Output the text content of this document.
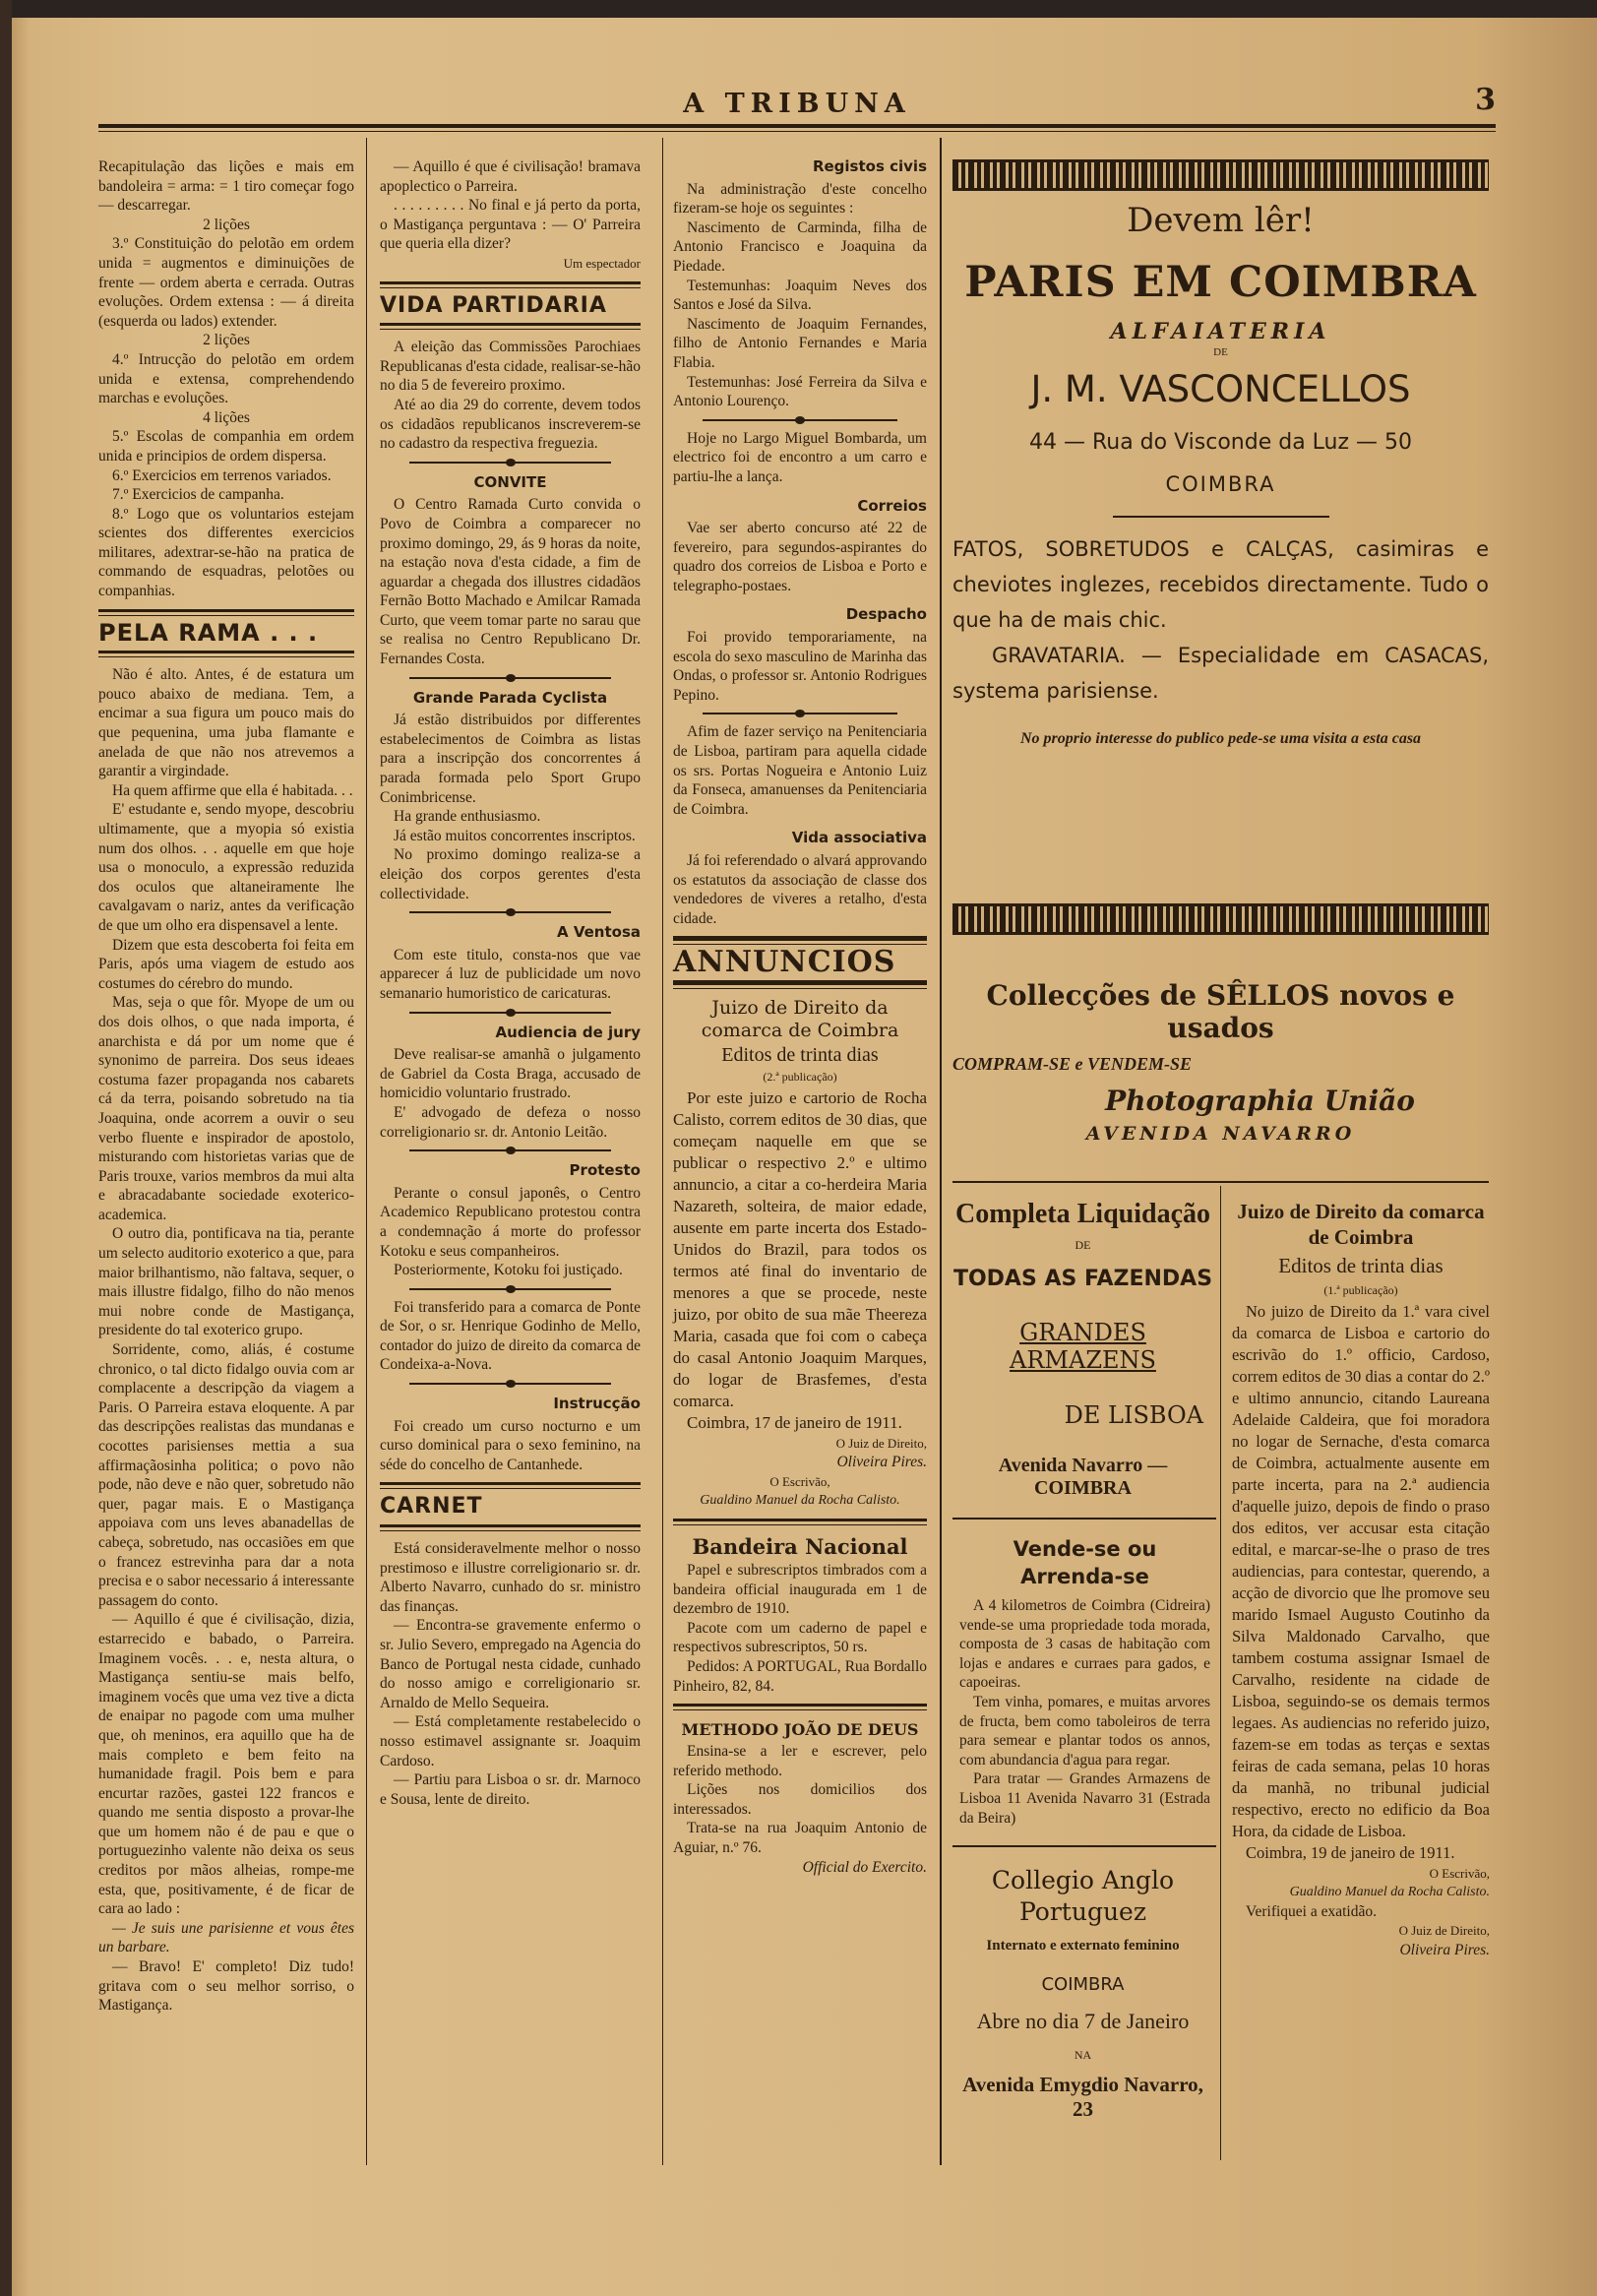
A TRIBUNA	3

Recapitulação das lições e mais em bandoleira = arma: = 1 tiro começar fogo — descarregar.

2 lições

3.º Constituição do pelotão em ordem unida = augmentos e diminuições de frente — ordem aberta e cerrada. Outras evoluções. Ordem extensa : — á direita (esquerda ou lados) extender.

2 lições

4.º Intrucção do pelotão em ordem unida e extensa, comprehendendo marchas e evoluções.

4 lições

5.º Escolas de companhia em ordem unida e principios de ordem dispersa.

6.º Exercicios em terrenos variados.

7.º Exercicios de campanha.

8.º Logo que os voluntarios estejam scientes dos differentes exercicios militares, adextrar-se-hão na pratica de commando de esquadras, pelotões ou companhias.

PELA RAMA . . .

Não é alto. Antes, é de estatura um pouco abaixo de mediana. Tem, a encimar a sua figura um pouco mais do que pequenina, uma juba flamante e anelada de que não nos atrevemos a garantir a virgindade.

Ha quem affirme que ella é habitada. . .

E' estudante e, sendo myope, descobriu ultimamente, que a myopia só existia num dos olhos. . . aquelle em que hoje usa o monoculo, a expressão reduzida dos oculos que altaneiramente lhe cavalgavam o nariz, antes da verificação de que um olho era dispensavel a lente.

Dizem que esta descoberta foi feita em Paris, após uma viagem de estudo aos costumes do cérebro do mundo.

Mas, seja o que fôr. Myope de um ou dos dois olhos, o que nada importa, é anarchista e dá por um nome que é synonimo de parreira. Dos seus ideaes costuma fazer propaganda nos cabarets cá da terra, poisando sobretudo na tia Joaquina, onde acorrem a ouvir o seu verbo fluente e inspirador de apostolo, misturando com historietas varias que de Paris trouxe, varios membros da mui alta e abracadabante sociedade exoterico-academica.

O outro dia, pontificava na tia, perante um selecto auditorio exoterico a que, para maior brilhantismo, não faltava, sequer, o mais illustre fidalgo, filho do não menos mui nobre conde de Mastigança, presidente do tal exoterico grupo.

Sorridente, como, aliás, é costume chronico, o tal dicto fidalgo ouvia com ar complacente a descripção da viagem a Paris. O Parreira estava eloquente. A par das descripções realistas das mundanas e cocottes parisienses mettia a sua affirmaçãosinha politica; o povo não pode, não deve e não quer, sobretudo não quer, pagar mais. E o Mastigança appoiava com uns leves abanadellas de cabeça, sobretudo, nas occasiões em que o francez estrevinha para dar a nota precisa e o sabor necessario á interessante passagem do conto.

— Aquillo é que é civilisação, dizia, estarrecido e babado, o Parreira. Imaginem vocês. . . e, nesta altura, o Mastigança sentiu-se mais belfo, imaginem vocês que uma vez tive a dicta de enaipar no pagode com uma mulher que, oh meninos, era aquillo que ha de mais completo e bem feito na humanidade fragil. Pois bem e para encurtar razões, gastei 122 francos e quando me sentia disposto a provar-lhe que um homem não é de pau e que o portuguezinho valente não deixa os seus creditos por mãos alheias, rompe-me esta, que, positivamente, é de ficar de cara ao lado :

— Je suis une parisienne et vous êtes un barbare.

— Bravo! E' completo! Diz tudo! gritava com o seu melhor sorriso, o Mastigança.

— Aquillo é que é civilisação! bramava apoplectico o Parreira.

. . . . . . . . . No final e já perto da porta, o Mastigança perguntava : — O' Parreira que queria ella dizer?

Um espectador

VIDA PARTIDARIA

A eleição das Commissões Parochiaes Republicanas d'esta cidade, realisar-se-hão no dia 5 de fevereiro proximo.

Até ao dia 29 do corrente, devem todos os cidadãos republicanos inscreverem-se no cadastro da respectiva freguezia.

CONVITE

O Centro Ramada Curto convida o Povo de Coimbra a comparecer no proximo domingo, 29, ás 9 horas da noite, na estação nova d'esta cidade, a fim de aguardar a chegada dos illustres cidadãos Fernão Botto Machado e Amilcar Ramada Curto, que veem tomar parte no sarau que se realisa no Centro Republicano Dr. Fernandes Costa.

Grande Parada Cyclista

Já estão distribuidos por differentes estabelecimentos de Coimbra as listas para a inscripção dos concorrentes á parada formada pelo Sport Grupo Conimbricense.

Ha grande enthusiasmo.

Já estão muitos concorrentes inscriptos.

No proximo domingo realiza-se a eleição dos corpos gerentes d'esta collectividade.

A Ventosa

Com este titulo, consta-nos que vae apparecer á luz de publicidade um novo semanario humoristico de caricaturas.

Audiencia de jury

Deve realisar-se amanhã o julgamento de Gabriel da Costa Braga, accusado de homicidio voluntario frustrado.

E' advogado de defeza o nosso correligionario sr. dr. Antonio Leitão.

Protesto

Perante o consul japonês, o Centro Academico Republicano protestou contra a condemnação á morte do professor Kotoku e seus companheiros.

Posteriormente, Kotoku foi justiçado.

Foi transferido para a comarca de Ponte de Sor, o sr. Henrique Godinho de Mello, contador do juizo de direito da comarca de Condeixa-a-Nova.

Instrucção

Foi creado um curso nocturno e um curso dominical para o sexo feminino, na séde do concelho de Cantanhede.

CARNET

Está consideravelmente melhor o nosso prestimoso e illustre correligionario sr. dr. Alberto Navarro, cunhado do sr. ministro das finanças.

— Encontra-se gravemente enfermo o sr. Julio Severo, empregado na Agencia do Banco de Portugal nesta cidade, cunhado do nosso amigo e correligionario sr. Arnaldo de Mello Sequeira.

— Está completamente restabelecido o nosso estimavel assignante sr. Joaquim Cardoso.

— Partiu para Lisboa o sr. dr. Marnoco e Sousa, lente de direito.

Registos civis

Na administração d'este concelho fizeram-se hoje os seguintes :

Nascimento de Carminda, filha de Antonio Francisco e Joaquina da Piedade.

Testemunhas: Joaquim Neves dos Santos e José da Silva.

Nascimento de Joaquim Fernandes, filho de Antonio Fernandes e Maria Flabia.

Testemunhas: José Ferreira da Silva e Antonio Lourenço.

Hoje no Largo Miguel Bombarda, um electrico foi de encontro a um carro e partiu-lhe a lança.

Correios

Vae ser aberto concurso até 22 de fevereiro, para segundos-aspirantes do quadro dos correios de Lisboa e Porto e telegrapho-postaes.

Despacho

Foi provido temporariamente, na escola do sexo masculino de Marinha das Ondas, o professor sr. Antonio Rodrigues Pepino.

Afim de fazer serviço na Penitenciaria de Lisboa, partiram para aquella cidade os srs. Portas Nogueira e Antonio Luiz da Fonseca, amanuenses da Penitenciaria de Coimbra.

Vida associativa

Já foi referendado o alvará approvando os estatutos da associação de classe dos vendedores de viveres a retalho, d'esta cidade.

ANNUNCIOS

Juizo de Direito da comarca de Coimbra

Editos de trinta dias

(2.ª publicação)

Por este juizo e cartorio de Rocha Calisto, correm editos de 30 dias, que começam naquelle em que se publicar o respectivo 2.º e ultimo annuncio, a citar a co-herdeira Maria Nazareth, solteira, de maior edade, ausente em parte incerta dos Estado-Unidos do Brazil, para todos os termos até final do inventario de menores a que se procede, neste juizo, por obito de sua mãe Theereza Maria, casada que foi com o cabeça do casal Antonio Joaquim Marques, do logar de Brasfemes, d'esta comarca.

Coimbra, 17 de janeiro de 1911.

O Juiz de Direito,

Oliveira Pires.

O Escrivão,

Gualdino Manuel da Rocha Calisto.

Bandeira Nacional

Papel e subrescriptos timbrados com a bandeira official inaugurada em 1 de dezembro de 1910.

Pacote com um caderno de papel e respectivos subrescriptos, 50 rs.

Pedidos: A PORTUGAL, Rua Bordallo Pinheiro, 82, 84.

METHODO JOÃO DE DEUS

Ensina-se a ler e escrever, pelo referido methodo.

Lições nos domicilios dos interessados.

Trata-se na rua Joaquim Antonio de Aguiar, n.º 76.

Official do Exercito.

Devem lêr!
PARIS EM COIMBRA
ALFAIATERIA
DE
J. M. VASCONCELLOS
44 — Rua do Visconde da Luz — 50
COIMBRA
FATOS, SOBRETUDOS e CALÇAS, casimiras e cheviotes inglezes, recebidos directamente. Tudo o que ha de mais chic.
GRAVATARIA. — Especialidade em CASACAS, systema parisiense.
No proprio interesse do publico pede-se uma visita a esta casa
Collecções de SÊLLOS novos e usados
COMPRAM-SE e VENDEM-SE
Photographia União
AVENIDA NAVARRO
Completa Liquidação
DE
TODAS AS FAZENDAS
GRANDES ARMAZENS
DE LISBOA
Avenida Navarro — COIMBRA

Vende-se ou Arrenda-se

A 4 kilometros de Coimbra (Cidreira) vende-se uma propriedade toda morada, composta de 3 casas de habitação com lojas e andares e curraes para gados, e capoeiras.

Tem vinha, pomares, e muitas arvores de fructa, bem como taboleiros de terra para semear e plantar todos os annos, com abundancia d'agua para regar.

Para tratar — Grandes Armazens de Lisboa 11 Avenida Navarro 31 (Estrada da Beira)

Collegio Anglo Portuguez
Internato e externato feminino
COIMBRA
Abre no dia 7 de Janeiro
NA
Avenida Emygdio Navarro, 23

Juizo de Direito da comarca de Coimbra

Editos de trinta dias

(1.ª publicação)

No juizo de Direito da 1.ª vara civel da comarca de Lisboa e cartorio do escrivão do 1.º officio, Cardoso, correm editos de 30 dias a contar do 2.º e ultimo annuncio, citando Laureana Adelaide Caldeira, que foi moradora no logar de Sernache, d'esta comarca de Coimbra, actualmente ausente em parte incerta, para na 2.ª audiencia d'aquelle juizo, depois de findo o praso dos editos, ver accusar esta citação edital, e marcar-se-lhe o praso de tres audiencias, para contestar, querendo, a acção de divorcio que lhe promove seu marido Ismael Augusto Coutinho da Silva Maldonado Carvalho, que tambem costuma assignar Ismael de Carvalho, residente na cidade de Lisboa, seguindo-se os demais termos legaes. As audiencias no referido juizo, fazem-se em todas as terças e sextas feiras de cada semana, pelas 10 horas da manhã, no tribunal judicial respectivo, erecto no edificio da Boa Hora, da cidade de Lisboa.

Coimbra, 19 de janeiro de 1911.

O Escrivão,

Gualdino Manuel da Rocha Calisto.

Verifiquei a exatidão.

O Juiz de Direito,

Oliveira Pires.
